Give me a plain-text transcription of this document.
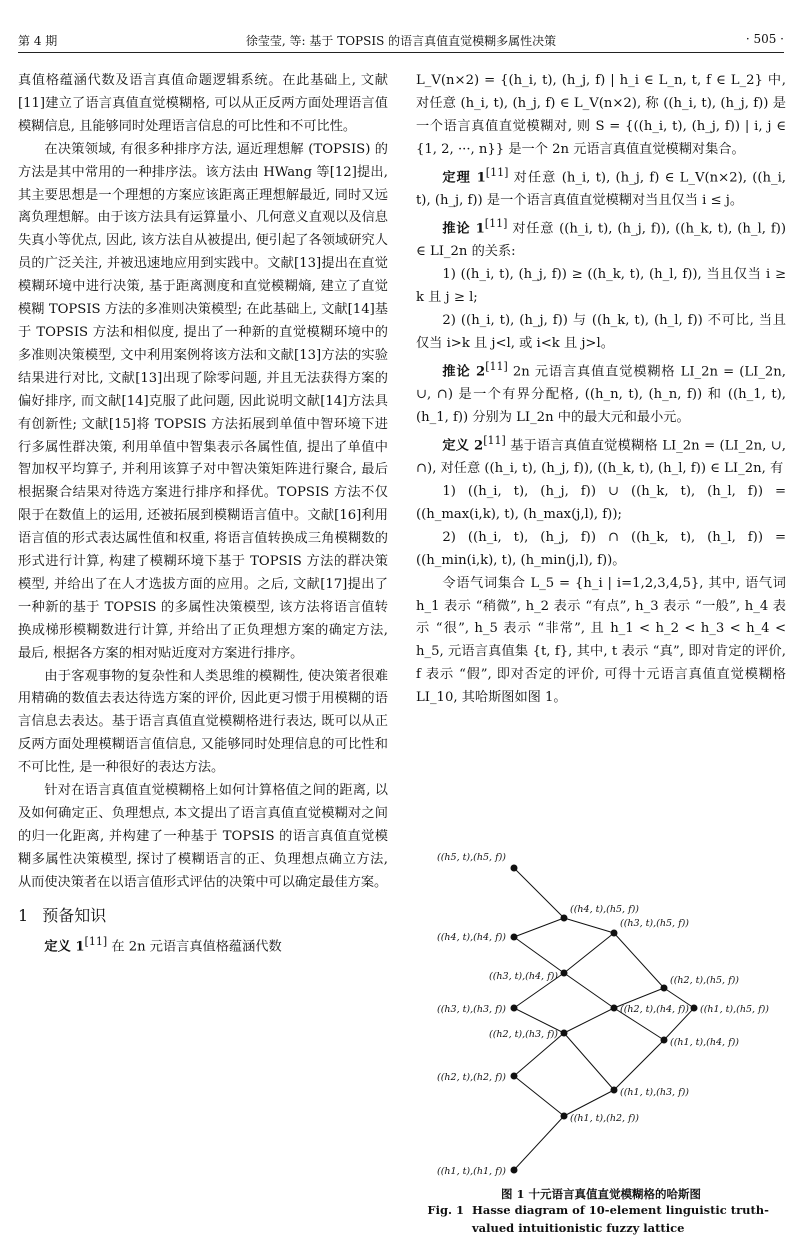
第 4 期	徐莹莹, 等: 基于 TOPSIS 的语言真值直觉模糊多属性决策	· 505 ·

真值格蕴涵代数及语言真值命题逻辑系统。在此基础上, 文献[11]建立了语言真值直觉模糊格, 可以从正反两方面处理语言值模糊信息, 且能够同时处理语言信息的可比性和不可比性。

在决策领域, 有很多种排序方法, 逼近理想解 (TOPSIS) 的方法是其中常用的一种排序法。该方法由 HWang 等[12]提出, 其主要思想是一个理想的方案应该距离正理想解最近, 同时又远离负理想解。由于该方法具有运算量小、几何意义直观以及信息失真小等优点, 因此, 该方法自从被提出, 便引起了各领域研究人员的广泛关注, 并被迅速地应用到实践中。文献[13]提出在直觉模糊环境中进行决策, 基于距离测度和直觉模糊熵, 建立了直觉模糊 TOPSIS 方法的多准则决策模型; 在此基础上, 文献[14]基于 TOPSIS 方法和相似度, 提出了一种新的直觉模糊环境中的多准则决策模型, 文中利用案例将该方法和文献[13]方法的实验结果进行对比, 文献[13]出现了除零问题, 并且无法获得方案的偏好排序, 而文献[14]克服了此问题, 因此说明文献[14]方法具有创新性; 文献[15]将 TOPSIS 方法拓展到单值中智环境下进行多属性群决策, 利用单值中智集表示各属性值, 提出了单值中智加权平均算子, 并利用该算子对中智决策矩阵进行聚合, 最后根据聚合结果对待选方案进行排序和择优。TOPSIS 方法不仅限于在数值上的运用, 还被拓展到模糊语言值中。文献[16]利用语言值的形式表达属性值和权重, 将语言值转换成三角模糊数的形式进行计算, 构建了模糊环境下基于 TOPSIS 方法的群决策模型, 并给出了在人才选拔方面的应用。之后, 文献[17]提出了一种新的基于 TOPSIS 的多属性决策模型, 该方法将语言值转换成梯形模糊数进行计算, 并给出了正负理想方案的确定方法, 最后, 根据各方案的相对贴近度对方案进行排序。

由于客观事物的复杂性和人类思维的模糊性, 使决策者很难用精确的数值去表达待选方案的评价, 因此更习惯于用模糊的语言信息去表达。基于语言真值直觉模糊格进行表达, 既可以从正反两方面处理模糊语言值信息, 又能够同时处理信息的可比性和不可比性, 是一种很好的表达方法。

针对在语言真值直觉模糊格上如何计算格值之间的距离, 以及如何确定正、负理想点, 本文提出了语言真值直觉模糊对之间的归一化距离, 并构建了一种基于 TOPSIS 的语言真值直觉模糊多属性决策模型, 探讨了模糊语言的正、负理想点确立方法, 从而使决策者在以语言值形式评估的决策中可以确定最佳方案。

1 预备知识

定义 1[11] 在 2n 元语言真值格蕴涵代数

L_V(n×2) = {(h_i, t), (h_j, f) | h_i ∈ L_n, t, f ∈ L_2} 中, 对任意 (h_i, t), (h_j, f) ∈ L_V(n×2), 称 ((h_i, t), (h_j, f)) 是一个语言真值直觉模糊对, 则 S = {((h_i, t), (h_j, f)) | i, j ∈ {1, 2, ···, n}} 是一个 2n 元语言真值直觉模糊对集合。

定理 1[11] 对任意 (h_i, t), (h_j, f) ∈ L_V(n×2), ((h_i, t), (h_j, f)) 是一个语言真值直觉模糊对当且仅当 i ≤ j。

推论 1[11] 对任意 ((h_i, t), (h_j, f)), ((h_k, t), (h_l, f)) ∈ LI_2n 的关系:

1) ((h_i, t), (h_j, f)) ≥ ((h_k, t), (h_l, f)), 当且仅当 i ≥ k 且 j ≥ l;

2) ((h_i, t), (h_j, f)) 与 ((h_k, t), (h_l, f)) 不可比, 当且仅当 i>k 且 j<l, 或 i<k 且 j>l。

推论 2[11] 2n 元语言真值直觉模糊格 LI_2n = (LI_2n, ∪, ∩) 是一个有界分配格, ((h_n, t), (h_n, f)) 和 ((h_1, t), (h_1, f)) 分别为 LI_2n 中的最大元和最小元。

定义 2[11] 基于语言真值直觉模糊格 LI_2n = (LI_2n, ∪, ∩), 对任意 ((h_i, t), (h_j, f)), ((h_k, t), (h_l, f)) ∈ LI_2n, 有

1) ((h_i, t), (h_j, f)) ∪ ((h_k, t), (h_l, f)) = ((h_max(i,k), t), (h_max(j,l), f));

2) ((h_i, t), (h_j, f)) ∩ ((h_k, t), (h_l, f)) = ((h_min(i,k), t), (h_min(j,l), f))。

令语气词集合 L_5 = {h_i | i=1,2,3,4,5}, 其中, 语气词 h_1 表示 “稍微”, h_2 表示 “有点”, h_3 表示 “一般”, h_4 表示 “很”, h_5 表示 “非常”, 且 h_1 < h_2 < h_3 < h_4 < h_5, 元语言真值集 {t, f}, 其中, t 表示 “真”, 即对肯定的评价, f 表示 “假”, 即对否定的评价, 可得十元语言真值直觉模糊格 LI_10, 其哈斯图如图 1。

((h5, t),(h5, f))
((h4, t),(h5, f))
((h4, t),(h4, f))
((h3, t),(h5, f))
((h3, t),(h4, f))	((h2, t),(h5, f))
((h3, t),(h3, f))	((h2, t),(h4, f)) ((h1, t),(h5, f))
((h2, t),(h3, f))
((h1, t),(h4, f))
((h2, t),(h2, f))
((h1, t),(h3, f))
((h1, t),(h2, f))
((h1, t),(h1, f))
图 1 十元语言真值直觉模糊格的哈斯图
Fig. 1 Hasse diagram of 10-element linguistic truth-valued intuitionistic fuzzy lattice
